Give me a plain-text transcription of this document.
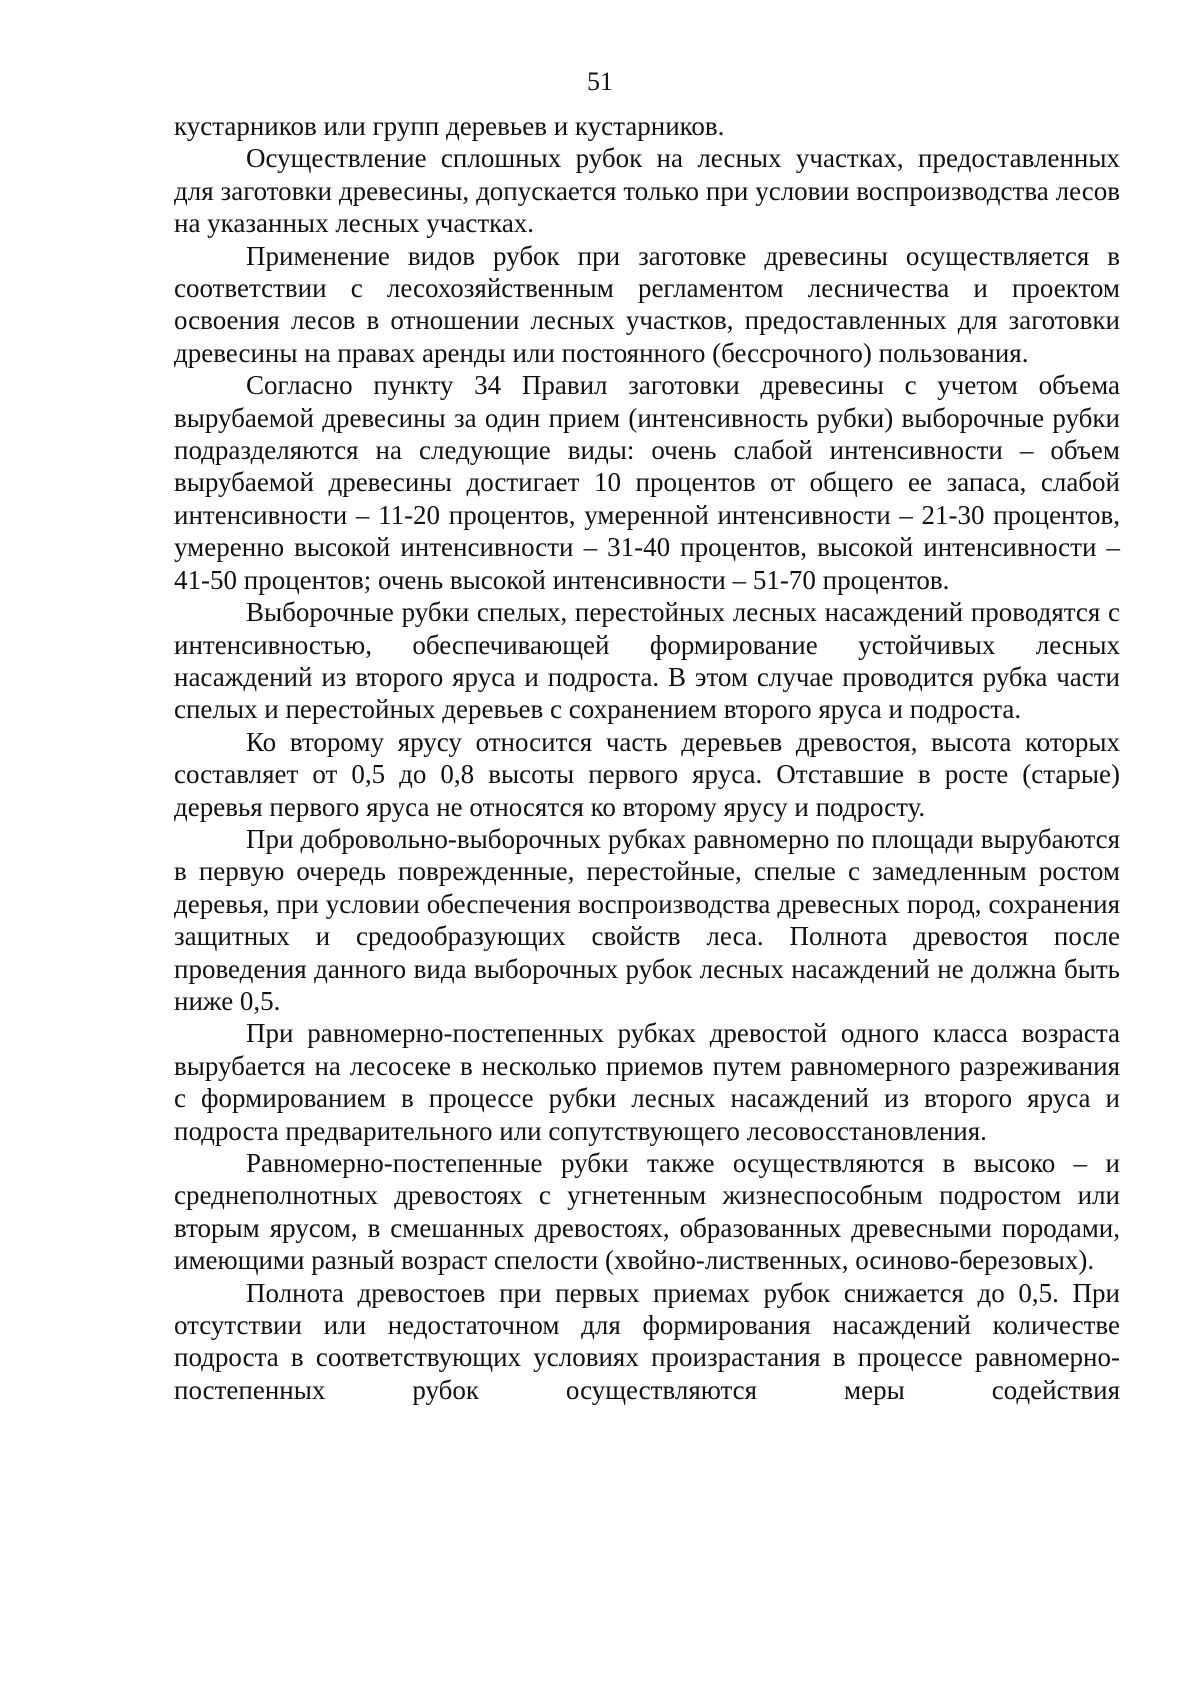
51

кустарников или групп деревьев и кустарников.

Осуществление сплошных рубок на лесных участках, предоставленных для заготовки древесины, допускается только при условии воспроизводства лесов на указанных лесных участках.

Применение видов рубок при заготовке древесины осуществляется в соответствии с лесохозяйственным регламентом лесничества и проектом освоения лесов в отношении лесных участков, предоставленных для заготовки древесины на правах аренды или постоянного (бессрочного) пользования.

Согласно пункту 34 Правил заготовки древесины с учетом объема вырубаемой древесины за один прием (интенсивность рубки) выборочные рубки подразделяются на следующие виды: очень слабой интенсивности – объем вырубаемой древесины достигает 10 процентов от общего ее запаса, слабой интенсивности – 11-20 процентов, умеренной интенсивности – 21-30 процентов, умеренно высокой интенсивности – 31-40 процентов, высокой интенсивности – 41-50 процентов; очень высокой интенсивности – 51-70 процентов.

Выборочные рубки спелых, перестойных лесных насаждений проводятся с интенсивностью, обеспечивающей формирование устойчивых лесных насаждений из второго яруса и подроста. В этом случае проводится рубка части спелых и перестойных деревьев с сохранением второго яруса и подроста.

Ко второму ярусу относится часть деревьев древостоя, высота которых составляет от 0,5 до 0,8 высоты первого яруса. Отставшие в росте (старые) деревья первого яруса не относятся ко второму ярусу и подросту.

При добровольно-выборочных рубках равномерно по площади вырубаются в первую очередь поврежденные, перестойные, спелые с замедленным ростом деревья, при условии обеспечения воспроизводства древесных пород, сохранения защитных и средообразующих свойств леса. Полнота древостоя после проведения данного вида выборочных рубок лесных насаждений не должна быть ниже 0,5.

При равномерно-постепенных рубках древостой одного класса возраста вырубается на лесосеке в несколько приемов путем равномерного разреживания с формированием в процессе рубки лесных насаждений из второго яруса и подроста предварительного или сопутствующего лесовосстановления.

Равномерно-постепенные рубки также осуществляются в высоко – и среднеполнотных древостоях с угнетенным жизнеспособным подростом или вторым ярусом, в смешанных древостоях, образованных древесными породами, имеющими разный возраст спелости (хвойно-лиственных, осиново-березовых).

Полнота древостоев при первых приемах рубок снижается до 0,5. При отсутствии или недостаточном для формирования насаждений количестве подроста в соответствующих условиях произрастания в процессе равномерно-постепенных рубок осуществляются меры содействия
